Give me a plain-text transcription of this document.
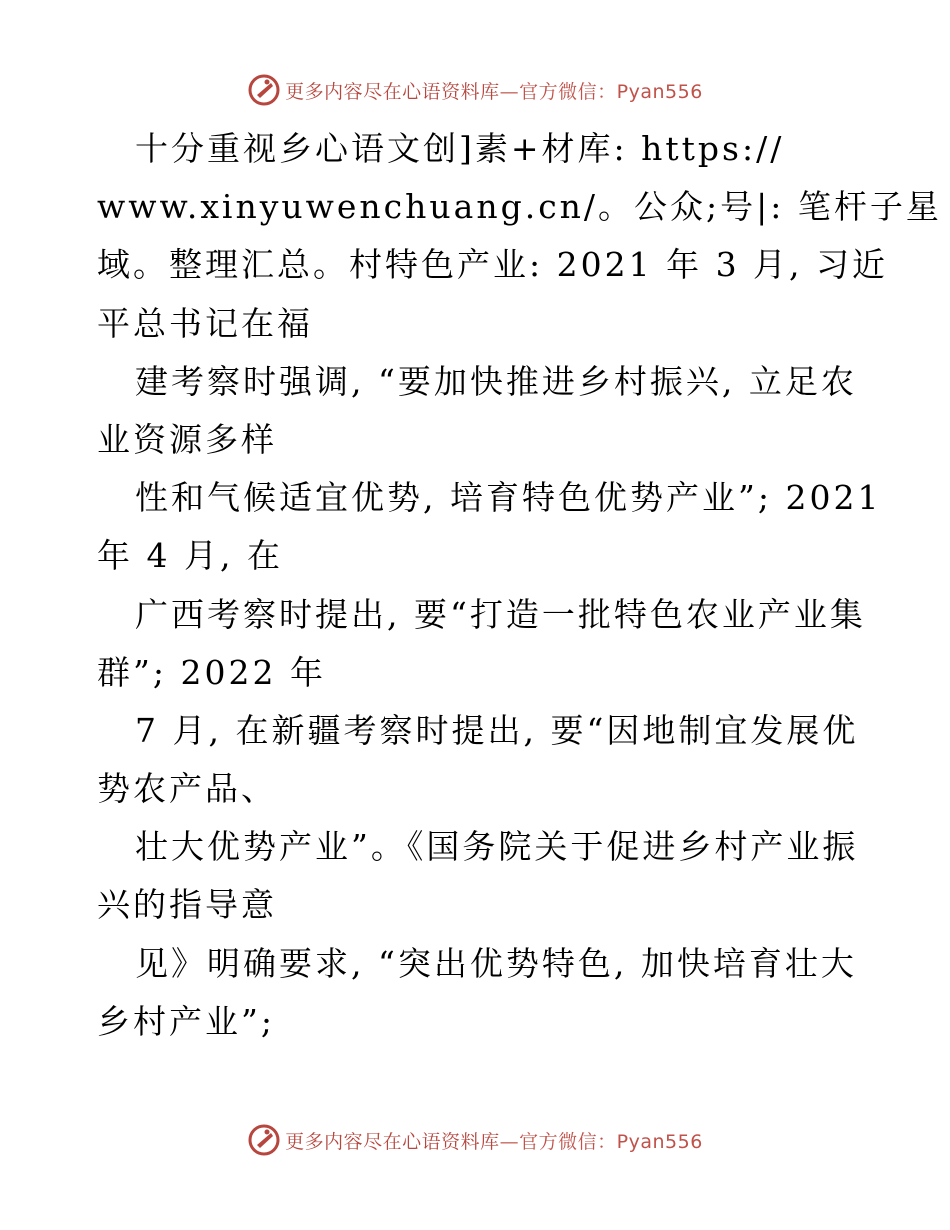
更多内容尽在心语资料库—官方微信：Pyan556
十分重视乡心语文创]素+材库: https://
www.xinyuwenchuang.cn/。公众;号|: 笔杆子星
域。整理汇总。村特色产业: 2021 年 3 月, 习近
平总书记在福
建考察时强调, “要加快推进乡村振兴, 立足农
业资源多样
性和气候适宜优势, 培育特色优势产业”; 2021
年 4 月, 在
广西考察时提出, 要“打造一批特色农业产业集
群”; 2022 年
7 月, 在新疆考察时提出, 要“因地制宜发展优
势农产品、
壮大优势产业”。《国务院关于促进乡村产业振
兴的指导意
见》明确要求, “突出优势特色, 加快培育壮大
乡村产业”;
更多内容尽在心语资料库—官方微信：Pyan556
